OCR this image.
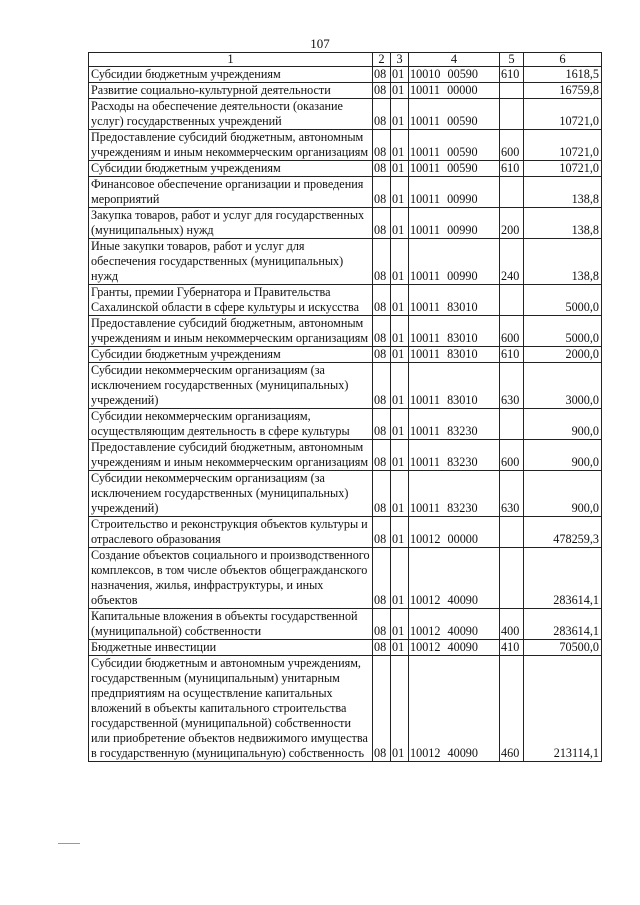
107
1	2	3	4	5	6
Субсидии бюджетным учреждениям	08	01	10010 00590	610	1618,5
Развитие социально-культурной деятельности	08	01	10011 00000		16759,8
Расходы на обеспечение деятельности (оказание услуг) государственных учреждений	08	01	10011 00590		10721,0
Предоставление субсидий бюджетным, автономным учреждениям и иным некоммерческим организациям	08	01	10011 00590	600	10721,0
Субсидии бюджетным учреждениям	08	01	10011 00590	610	10721,0
Финансовое обеспечение организации и проведения мероприятий	08	01	10011 00990		138,8
Закупка товаров, работ и услуг для государственных (муниципальных) нужд	08	01	10011 00990	200	138,8
Иные закупки товаров, работ и услуг для обеспечения государственных (муниципальных) нужд	08	01	10011 00990	240	138,8
Гранты, премии Губернатора и Правительства Сахалинской области в сфере культуры и искусства	08	01	10011 83010		5000,0
Предоставление субсидий бюджетным, автономным учреждениям и иным некоммерческим организациям	08	01	10011 83010	600	5000,0
Субсидии бюджетным учреждениям	08	01	10011 83010	610	2000,0
Субсидии некоммерческим организациям (за исключением государственных (муниципальных) учреждений)	08	01	10011 83010	630	3000,0
Субсидии некоммерческим организациям, осуществляющим деятельность в сфере культуры	08	01	10011 83230		900,0
Предоставление субсидий бюджетным, автономным учреждениям и иным некоммерческим организациям	08	01	10011 83230	600	900,0
Субсидии некоммерческим организациям (за исключением государственных (муниципальных) учреждений)	08	01	10011 83230	630	900,0
Строительство и реконструкция объектов культуры и отраслевого образования	08	01	10012 00000		478259,3
Создание объектов социального и производственного комплексов, в том числе объектов общегражданского назначения, жилья, инфраструктуры, и иных объектов	08	01	10012 40090		283614,1
Капитальные вложения в объекты государственной (муниципальной) собственности	08	01	10012 40090	400	283614,1
Бюджетные инвестиции	08	01	10012 40090	410	70500,0
Субсидии бюджетным и автономным учреждениям, государственным (муниципальным) унитарным предприятиям на осуществление капитальных вложений в объекты капитального строительства государственной (муниципальной) собственности или приобретение объектов недвижимого имущества в государственную (муниципальную) собственность	08	01	10012 40090	460	213114,1
